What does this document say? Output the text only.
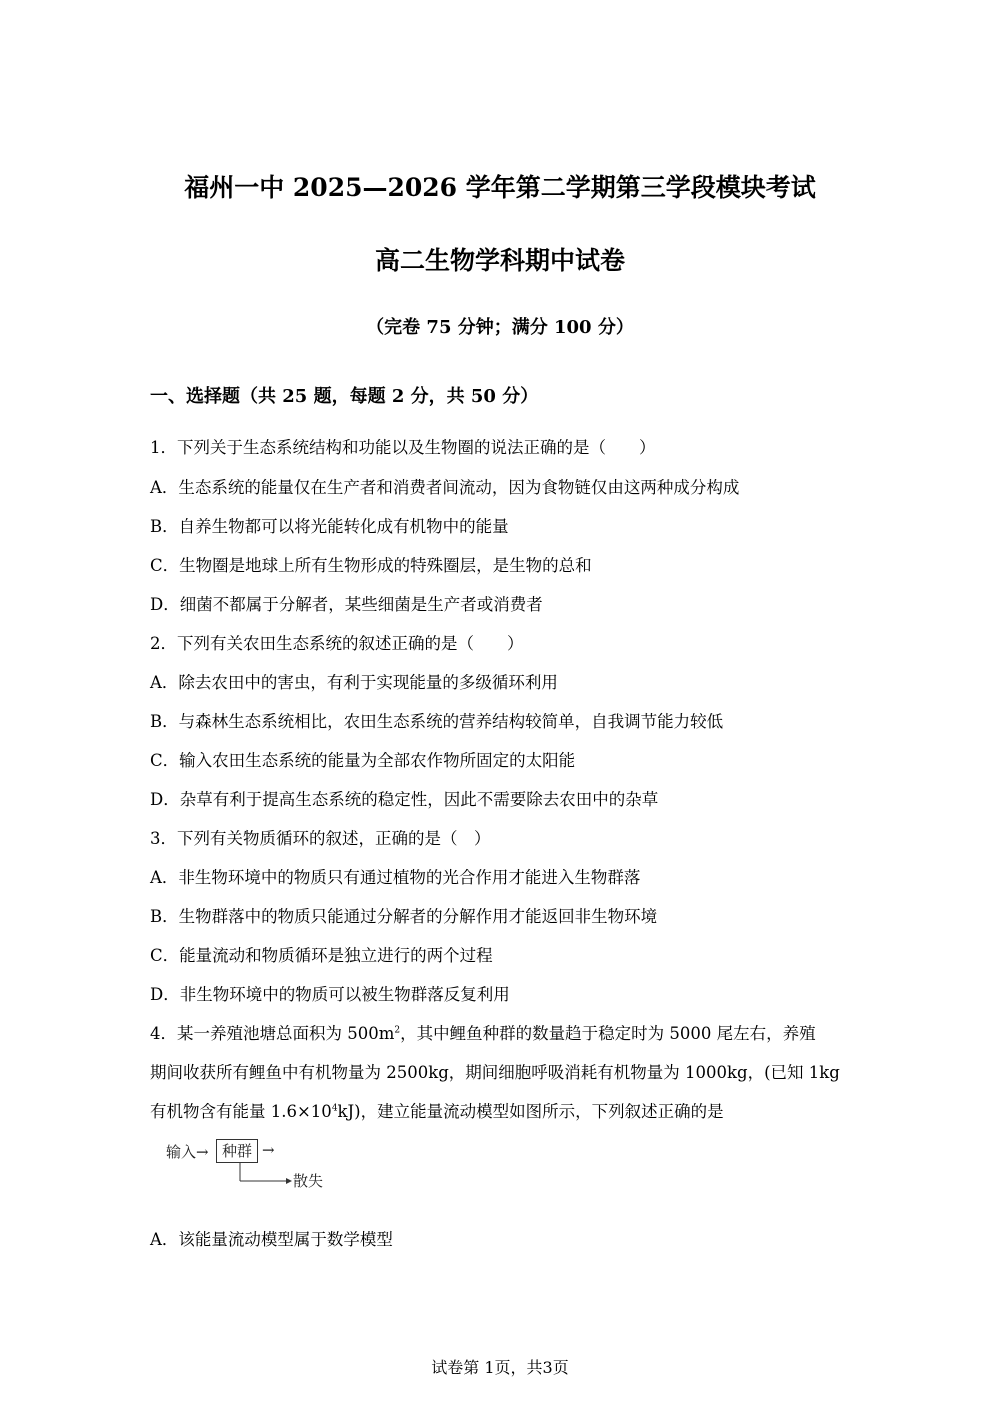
福州一中 2025—2026 学年第二学期第三学段模块考试
高二生物学科期中试卷
（完卷 75 分钟；满分 100 分）
一、选择题（共 25 题，每题 2 分，共 50 分）
1．下列关于生态系统结构和功能以及生物圈的说法正确的是（　　）
A．生态系统的能量仅在生产者和消费者间流动，因为食物链仅由这两种成分构成
B．自养生物都可以将光能转化成有机物中的能量
C．生物圈是地球上所有生物形成的特殊圈层，是生物的总和
D．细菌不都属于分解者，某些细菌是生产者或消费者
2．下列有关农田生态系统的叙述正确的是（　　）
A．除去农田中的害虫，有利于实现能量的多级循环利用
B．与森林生态系统相比，农田生态系统的营养结构较简单，自我调节能力较低
C．输入农田生态系统的能量为全部农作物所固定的太阳能
D．杂草有利于提高生态系统的稳定性，因此不需要除去农田中的杂草
3．下列有关物质循环的叙述，正确的是（　）
A．非生物环境中的物质只有通过植物的光合作用才能进入生物群落
B．生物群落中的物质只能通过分解者的分解作用才能返回非生物环境
C．能量流动和物质循环是独立进行的两个过程
D．非生物环境中的物质可以被生物群落反复利用
4．某一养殖池塘总面积为 $500m^2$，其中鲤鱼种群的数量趋于稳定时为 5000 尾左右，养殖
期间收获所有鲤鱼中有机物量为 2500kg，期间细胞呼吸消耗有机物量为 1000kg，(已知 1kg
有机物含有能量 $1.6\times 10^4kJ$)，建立能量流动模型如图所示，下列叙述正确的是
输入→ 种群 →
散失
A．该能量流动模型属于数学模型
试卷第 1页，共3页
